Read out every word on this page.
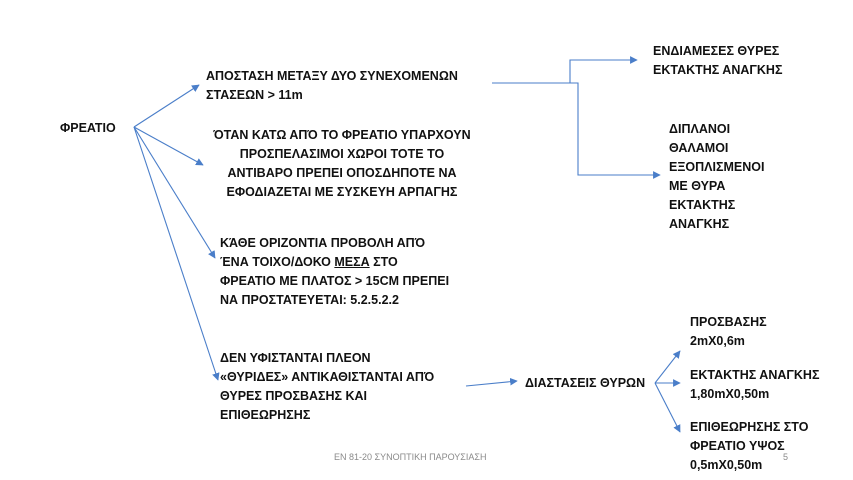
ΦΡΕΑΤΙΟ
ΑΠΟΣΤΑΣΗ ΜΕΤΑΞΥ ΔΥΟ ΣΥΝΕΧΟΜΕΝΩΝ
ΣΤΑΣΕΩΝ > 11m
ΌΤΑΝ ΚΑΤΩ ΑΠΌ ΤΟ ΦΡΕΑΤΙΟ ΥΠΑΡΧΟΥΝ
ΠΡΟΣΠΕΛΑΣΙΜΟΙ ΧΩΡΟΙ ΤΟΤΕ ΤΟ
ΑΝΤΙΒΑΡΟ ΠΡΕΠΕΙ ΟΠΟΣΔΗΠΟΤΕ ΝΑ
ΕΦΟΔΙΑΖΕΤΑΙ ΜΕ ΣΥΣΚΕΥΗ ΑΡΠΑΓΗΣ
ΚΆΘΕ ΟΡΙΖΟΝΤΙΑ ΠΡΟΒΟΛΗ ΑΠΌ
ΈΝΑ ΤΟΙΧΟ/ΔΟΚΟ ΜΕΣΑ ΣΤΟ
ΦΡΕΑΤΙΟ ΜΕ ΠΛΑΤΟΣ > 15CM ΠΡΕΠΕΙ
ΝΑ ΠΡΟΣΤΑΤΕΥΕΤΑΙ: 5.2.5.2.2
ΔΕΝ ΥΦΙΣΤΑΝΤΑΙ ΠΛΕΟΝ
«ΘΥΡΙΔΕΣ» ΑΝΤΙΚΑΘΙΣΤΑΝΤΑΙ ΑΠΌ
ΘΥΡΕΣ ΠΡΟΣΒΑΣΗΣ ΚΑΙ
ΕΠΙΘΕΩΡΗΣΗΣ
ΕΝΔΙΑΜΕΣΕΣ ΘΥΡΕΣ
ΕΚΤΑΚΤΗΣ ΑΝΑΓΚΗΣ
ΔΙΠΛΑΝΟΙ
ΘΑΛΑΜΟΙ
ΕΞΟΠΛΙΣΜΕΝΟΙ
ΜΕ ΘΥΡΑ
ΕΚΤΑΚΤΗΣ
ΑΝΑΓΚΗΣ
ΔΙΑΣΤΑΣΕΙΣ ΘΥΡΩΝ
ΠΡΟΣΒΑΣΗΣ
2mX0,6m
ΕΚΤΑΚΤΗΣ ΑΝΑΓΚΗΣ
1,80mX0,50m
ΕΠΙΘΕΩΡΗΣΗΣ ΣΤΟ
ΦΡΕΑΤΙΟ ΥΨΟΣ
0,5mX0,50m
EN 81-20 ΣΥΝΟΠΤΙΚΗ ΠΑΡΟΥΣΙΑΣΗ	5
